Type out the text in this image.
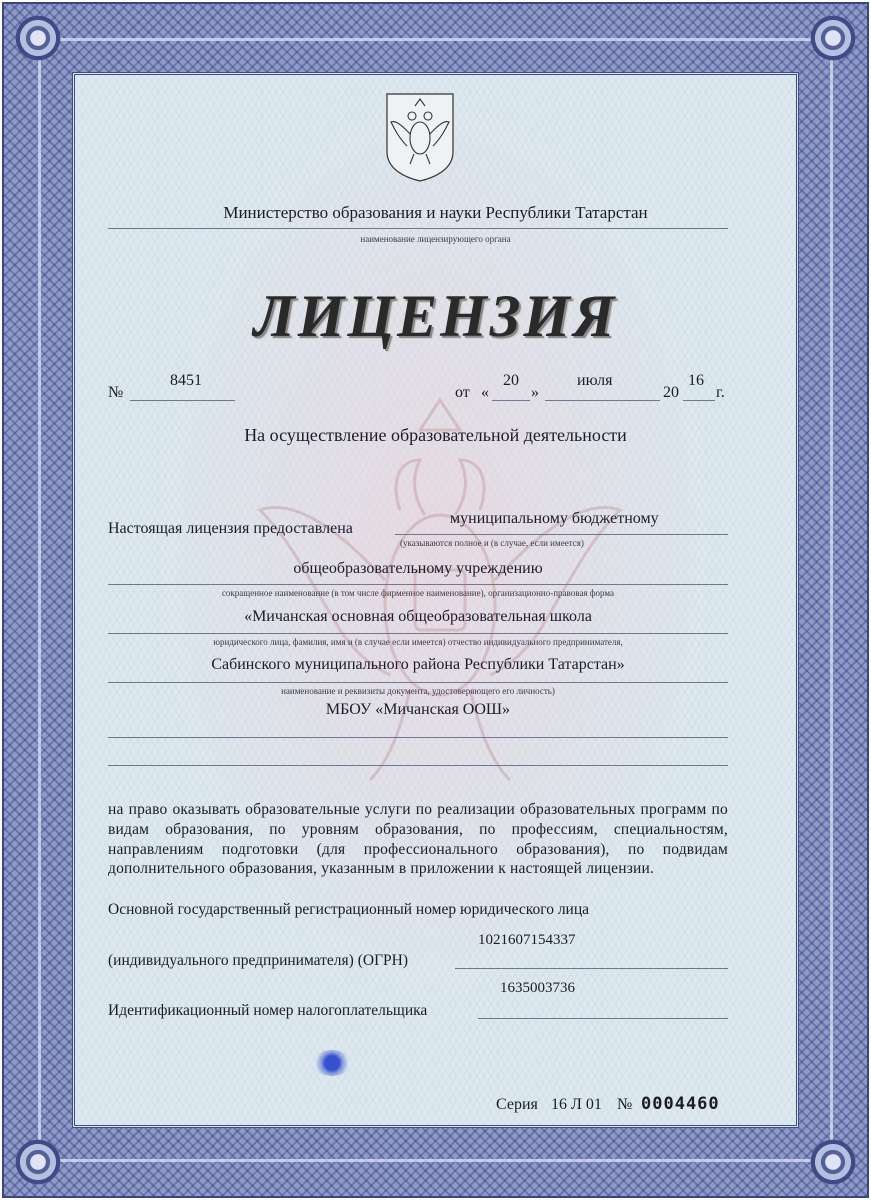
Министерство образования и науки Республики Татарстан
наименование лицензирующего органа
ЛИЦЕНЗИЯ
№
8451
от «
20
»
июля
20
16
г.
На осуществление образовательной деятельности
Настоящая лицензия предоставлена
муниципальному бюджетному
(указываются полное и (в случае, если имеется)
общеобразовательному учреждению
сокращенное наименование (в том числе фирменное наименование), организационно-правовая форма
«Мичанская основная общеобразовательная школа
юридического лица, фамилия, имя и (в случае если имеется) отчество индивидуального предпринимателя,
Сабинского муниципального района Республики Татарстан»
наименование и реквизиты документа, удостоверяющего его личность)
МБОУ «Мичанская ООШ»
на право оказывать образовательные услуги по реализации образовательных программ по видам образования, по уровням образования, по профессиям, специальностям, направлениям подготовки (для профессионального образования), по подвидам дополнительного образования, указанным в приложении к настоящей лицензии.
Основной государственный регистрационный номер юридического лица
(индивидуального предпринимателя) (ОГРН)
1021607154337
1635003736
Идентификационный номер налогоплательщика
Серия 16 Л 01 № 0004460
